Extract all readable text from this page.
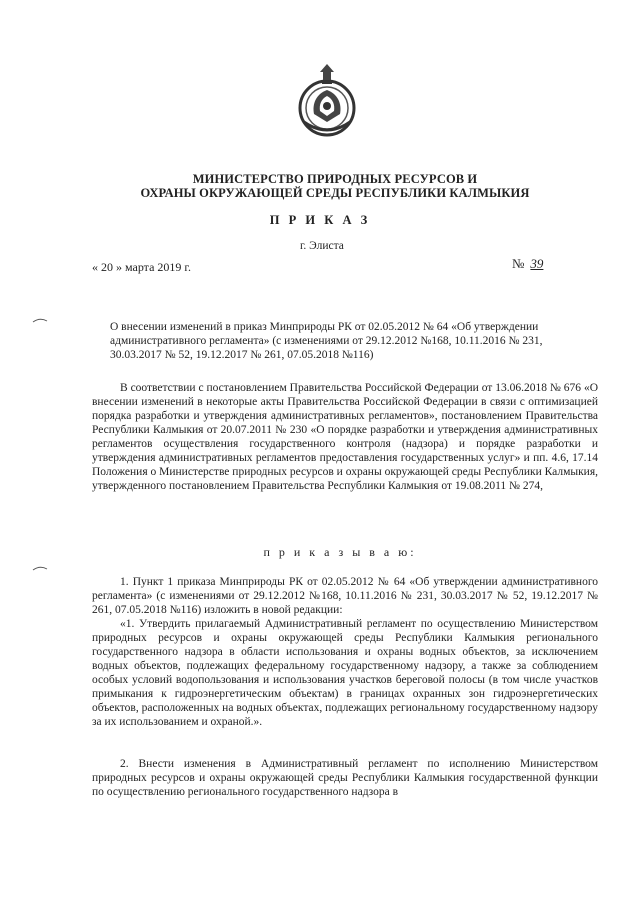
МИНИСТЕРСТВО ПРИРОДНЫХ РЕСУРСОВ И
ОХРАНЫ ОКРУЖАЮЩЕЙ СРЕДЫ РЕСПУБЛИКИ КАЛМЫКИЯ
П Р И К А З
г. Элиста
« 20 » марта 2019 г.	№ 39
О внесении изменений в приказ Минприроды РК от 02.05.2012 № 64 «Об утверждении административного регламента» (с изменениями от 29.12.2012 №168, 10.11.2016 № 231, 30.03.2017 № 52, 19.12.2017 № 261, 07.05.2018 №116)
В соответствии с постановлением Правительства Российской Федерации от 13.06.2018 № 676 «О внесении изменений в некоторые акты Правительства Российской Федерации в связи с оптимизацией порядка разработки и утверждения административных регламентов», постановлением Правительства Республики Калмыкия от 20.07.2011 № 230 «О порядке разработки и утверждения административных регламентов осуществления государственного контроля (надзора) и порядке разработки и утверждения административных регламентов предоставления государственных услуг» и пп. 4.6, 17.14 Положения о Министерстве природных ресурсов и охраны окружающей среды Республики Калмыкия, утвержденного постановлением Правительства Республики Калмыкия от 19.08.2011 № 274,
п р и к а з ы в а ю:
1. Пункт 1 приказа Минприроды РК от 02.05.2012 № 64 «Об утверждении административного регламента» (с изменениями от 29.12.2012 №168, 10.11.2016 № 231, 30.03.2017 № 52, 19.12.2017 № 261, 07.05.2018 №116) изложить в новой редакции:
«1. Утвердить прилагаемый Административный регламент по осуществлению Министерством природных ресурсов и охраны окружающей среды Республики Калмыкия регионального государственного надзора в области использования и охраны водных объектов, за исключением водных объектов, подлежащих федеральному государственному надзору, а также за соблюдением особых условий водопользования и использования участков береговой полосы (в том числе участков примыкания к гидроэнергетическим объектам) в границах охранных зон гидроэнергетических объектов, расположенных на водных объектах, подлежащих региональному государственному надзору за их использованием и охраной.».
2. Внести изменения в Административный регламент по исполнению Министерством природных ресурсов и охраны окружающей среды Республики Калмыкия государственной функции по осуществлению регионального государственного надзора в
